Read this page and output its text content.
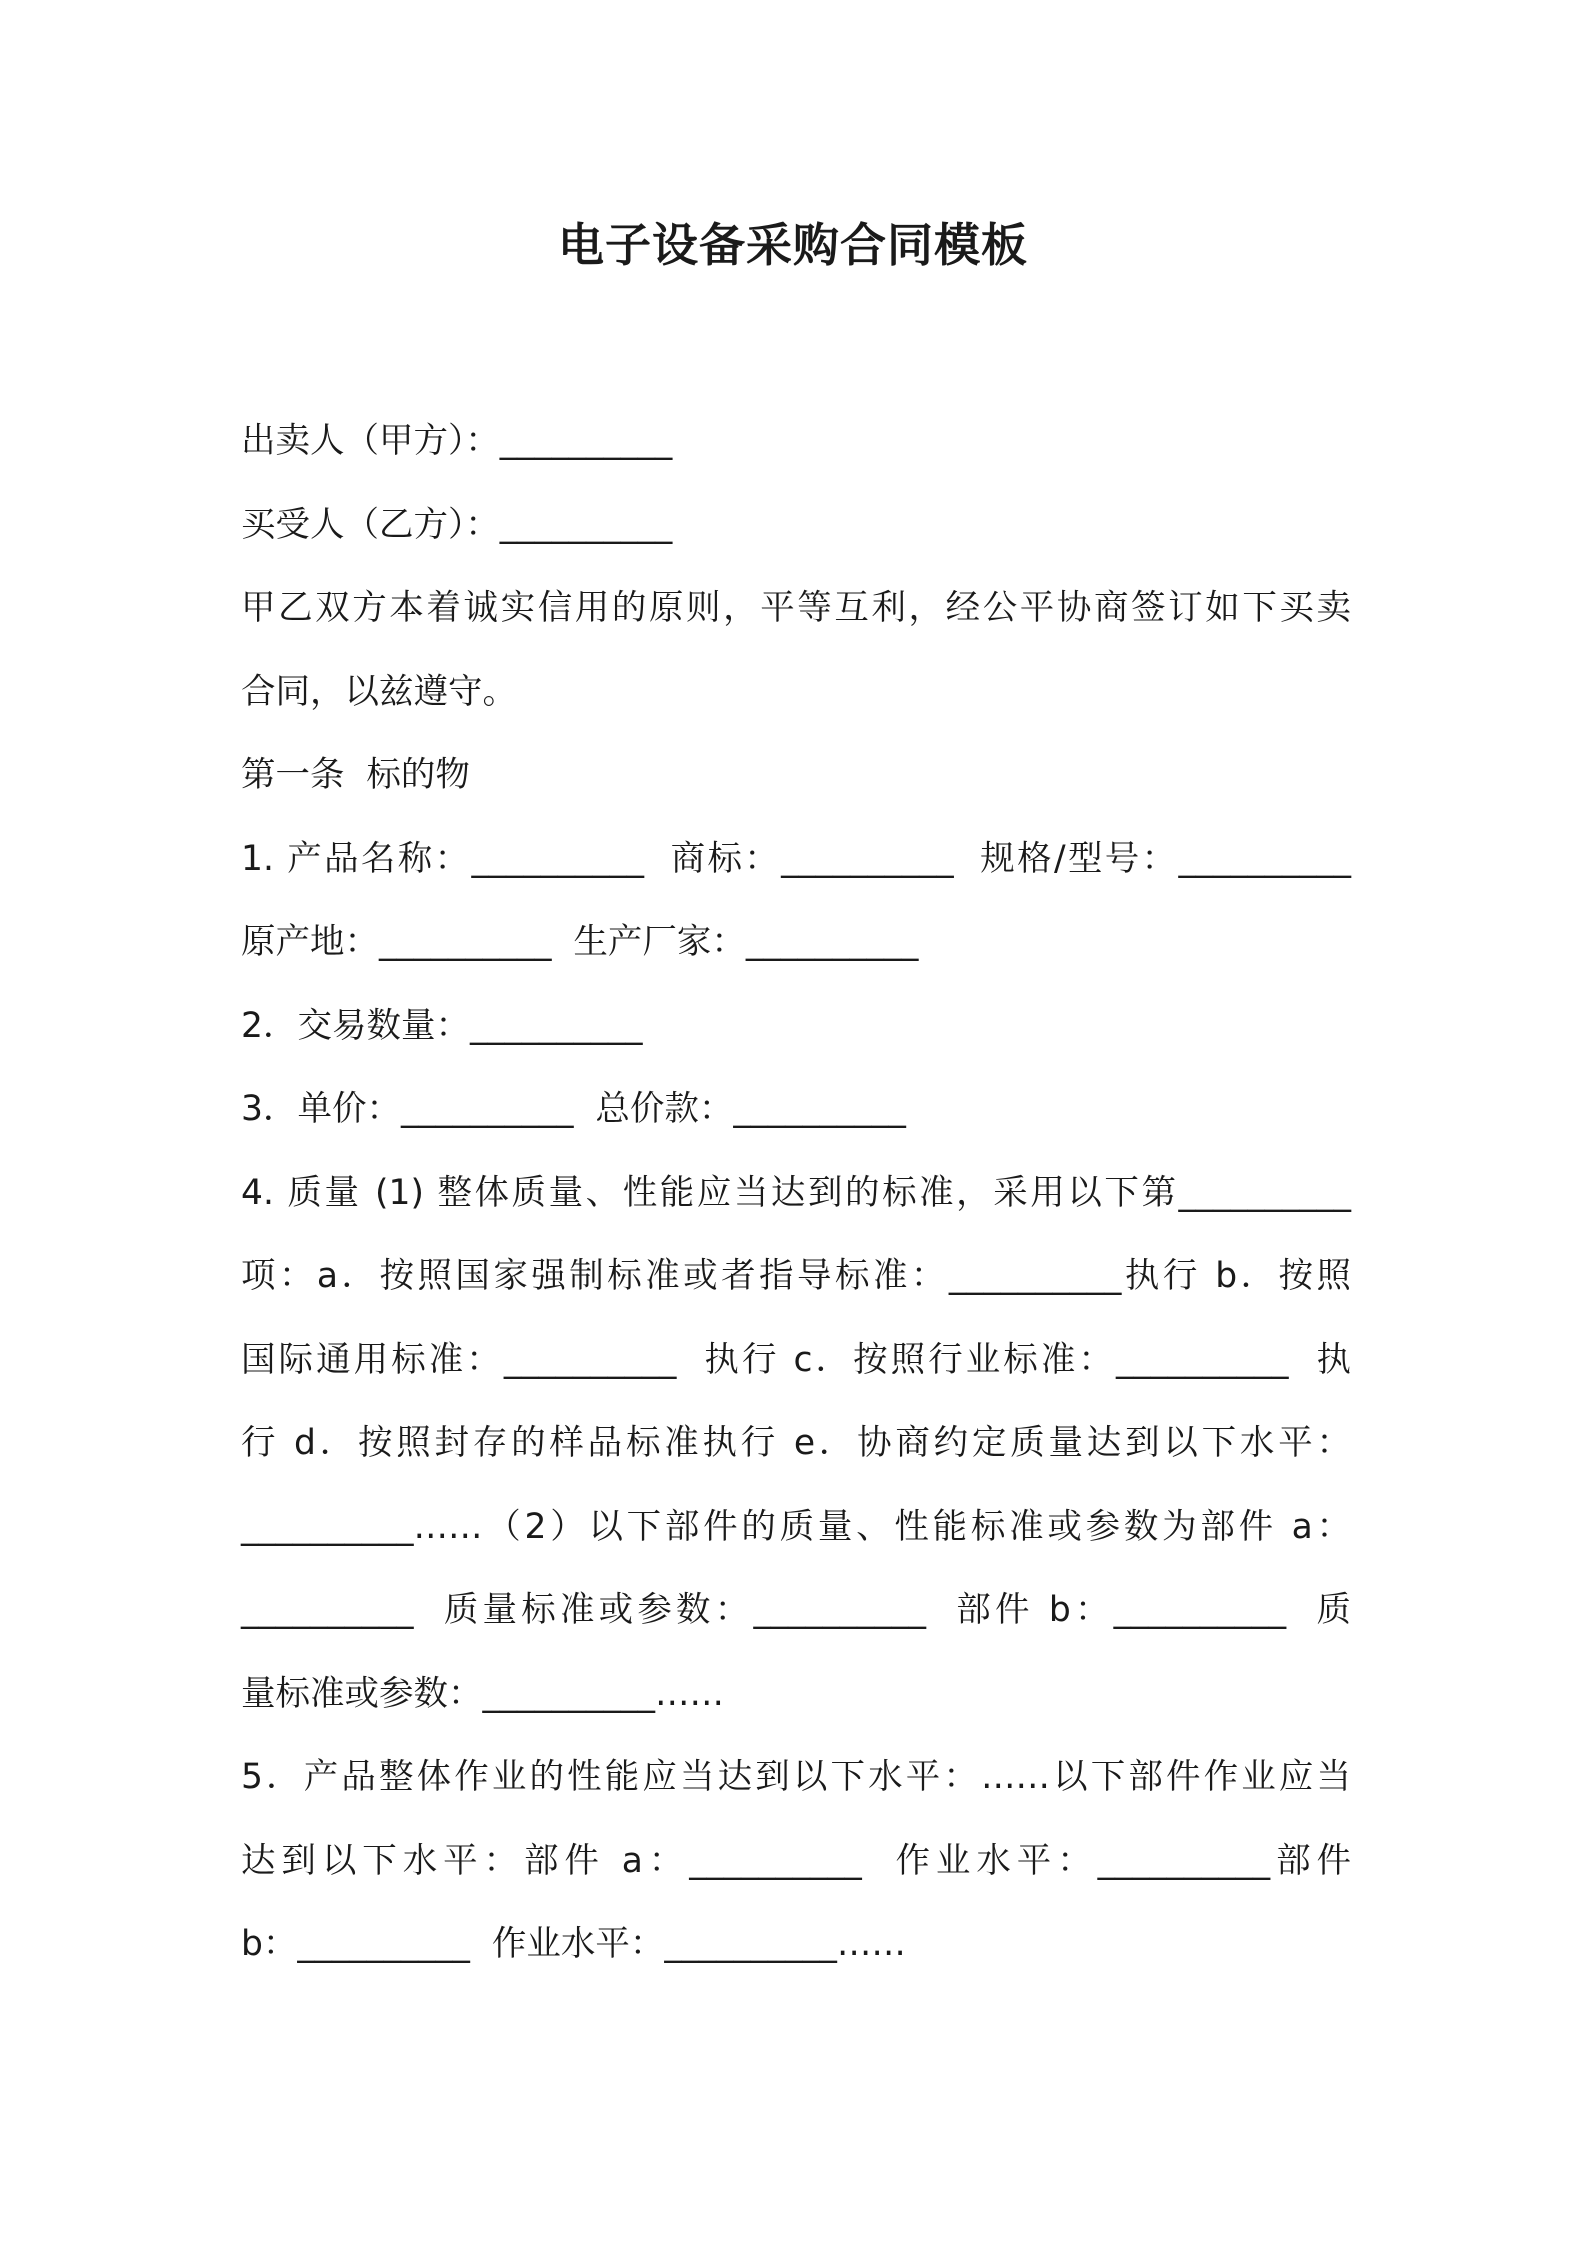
电子设备采购合同模板
出卖人（甲方）：__________
买受人（乙方）：__________
甲乙双方本着诚实信用的原则，平等互利，经公平协商签订如下买卖
合同，以兹遵守。
第一条  标的物
1. 产品名称：__________  商标：__________  规格/型号：__________
原产地：__________  生产厂家：__________
2．交易数量：__________
3．单价：__________  总价款：__________
4. 质量 (1) 整体质量、性能应当达到的标准，采用以下第__________
项：a．按照国家强制标准或者指导标准：__________执行 b．按照
国际通用标准：__________  执行 c．按照行业标准：__________  执
行 d．按照封存的样品标准执行 e．协商约定质量达到以下水平：
__________……（2）以下部件的质量、性能标准或参数为部件 a：
__________  质量标准或参数：__________  部件 b：__________  质
量标准或参数：__________……
5．产品整体作业的性能应当达到以下水平：……以下部件作业应当
达到以下水平：部件 a：__________  作业水平：__________部件
b：__________  作业水平：__________……
